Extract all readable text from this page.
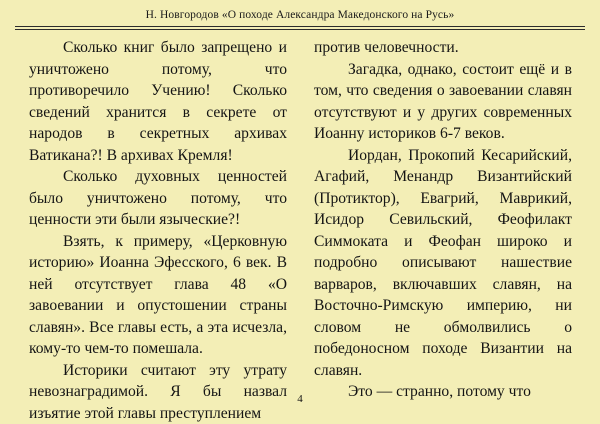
Н. Новгородов «О походе Александра Македонского на Русь»

Сколько книг было запрещено и уничтожено потому, что противоречило Учению! Сколько сведений хранится в секрете от народов в секретных архивах Ватикана?! В архивах Кремля!

Сколько духовных ценностей было уничтожено потому, что ценности эти были языческие?!

Взять, к примеру, «Церковную историю» Иоанна Эфесского, 6 век. В ней отсутствует глава 48 «О завоевании и опустошении страны славян». Все главы есть, а эта исчезла, кому-то чем-то помешала.

Историки считают эту утрату невознаградимой. Я бы назвал изъятие этой главы преступлением

против человечности.

Загадка, однако, состоит ещё и в том, что сведения о завоевании славян отсутствуют и у других современных Иоанну историков 6-7 веков.

Иордан, Прокопий Кесарийский, Агафий, Менандр Византийский (Протиктор), Евагрий, Маврикий, Исидор Севильский, Феофилакт Симмоката и Феофан широко и подробно описывают нашествие варваров, включавших славян, на Восточно-Римскую империю, ни словом не обмолвились о победоносном походе Византии на славян.

Это — странно, потому что

4
